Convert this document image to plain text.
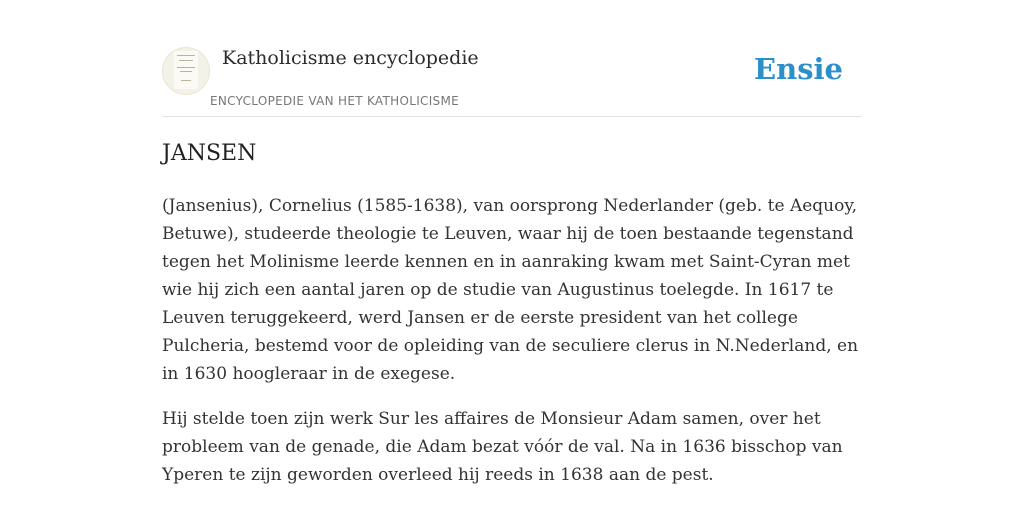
Katholicisme encyclopedie
ENCYCLOPEDIE VAN HET KATHOLICISME
Ensie
JANSEN

(Jansenius), Cornelius (1585-1638), van oorsprong Nederlander (geb. te Aequoy, Betuwe), studeerde theologie te Leuven, waar hij de toen bestaande tegenstand tegen het Molinisme leerde kennen en in aanraking kwam met Saint-Cyran met wie hij zich een aantal jaren op de studie van Augustinus toelegde. In 1617 te Leuven teruggekeerd, werd Jansen er de eerste president van het college Pulcheria, bestemd voor de opleiding van de seculiere clerus in N.Nederland, en in 1630 hoogleraar in de exegese.

Hij stelde toen zijn werk Sur les affaires de Monsieur Adam samen, over het probleem van de genade, die Adam bezat vóór de val. Na in 1636 bisschop van Yperen te zijn geworden overleed hij reeds in 1638 aan de pest.
